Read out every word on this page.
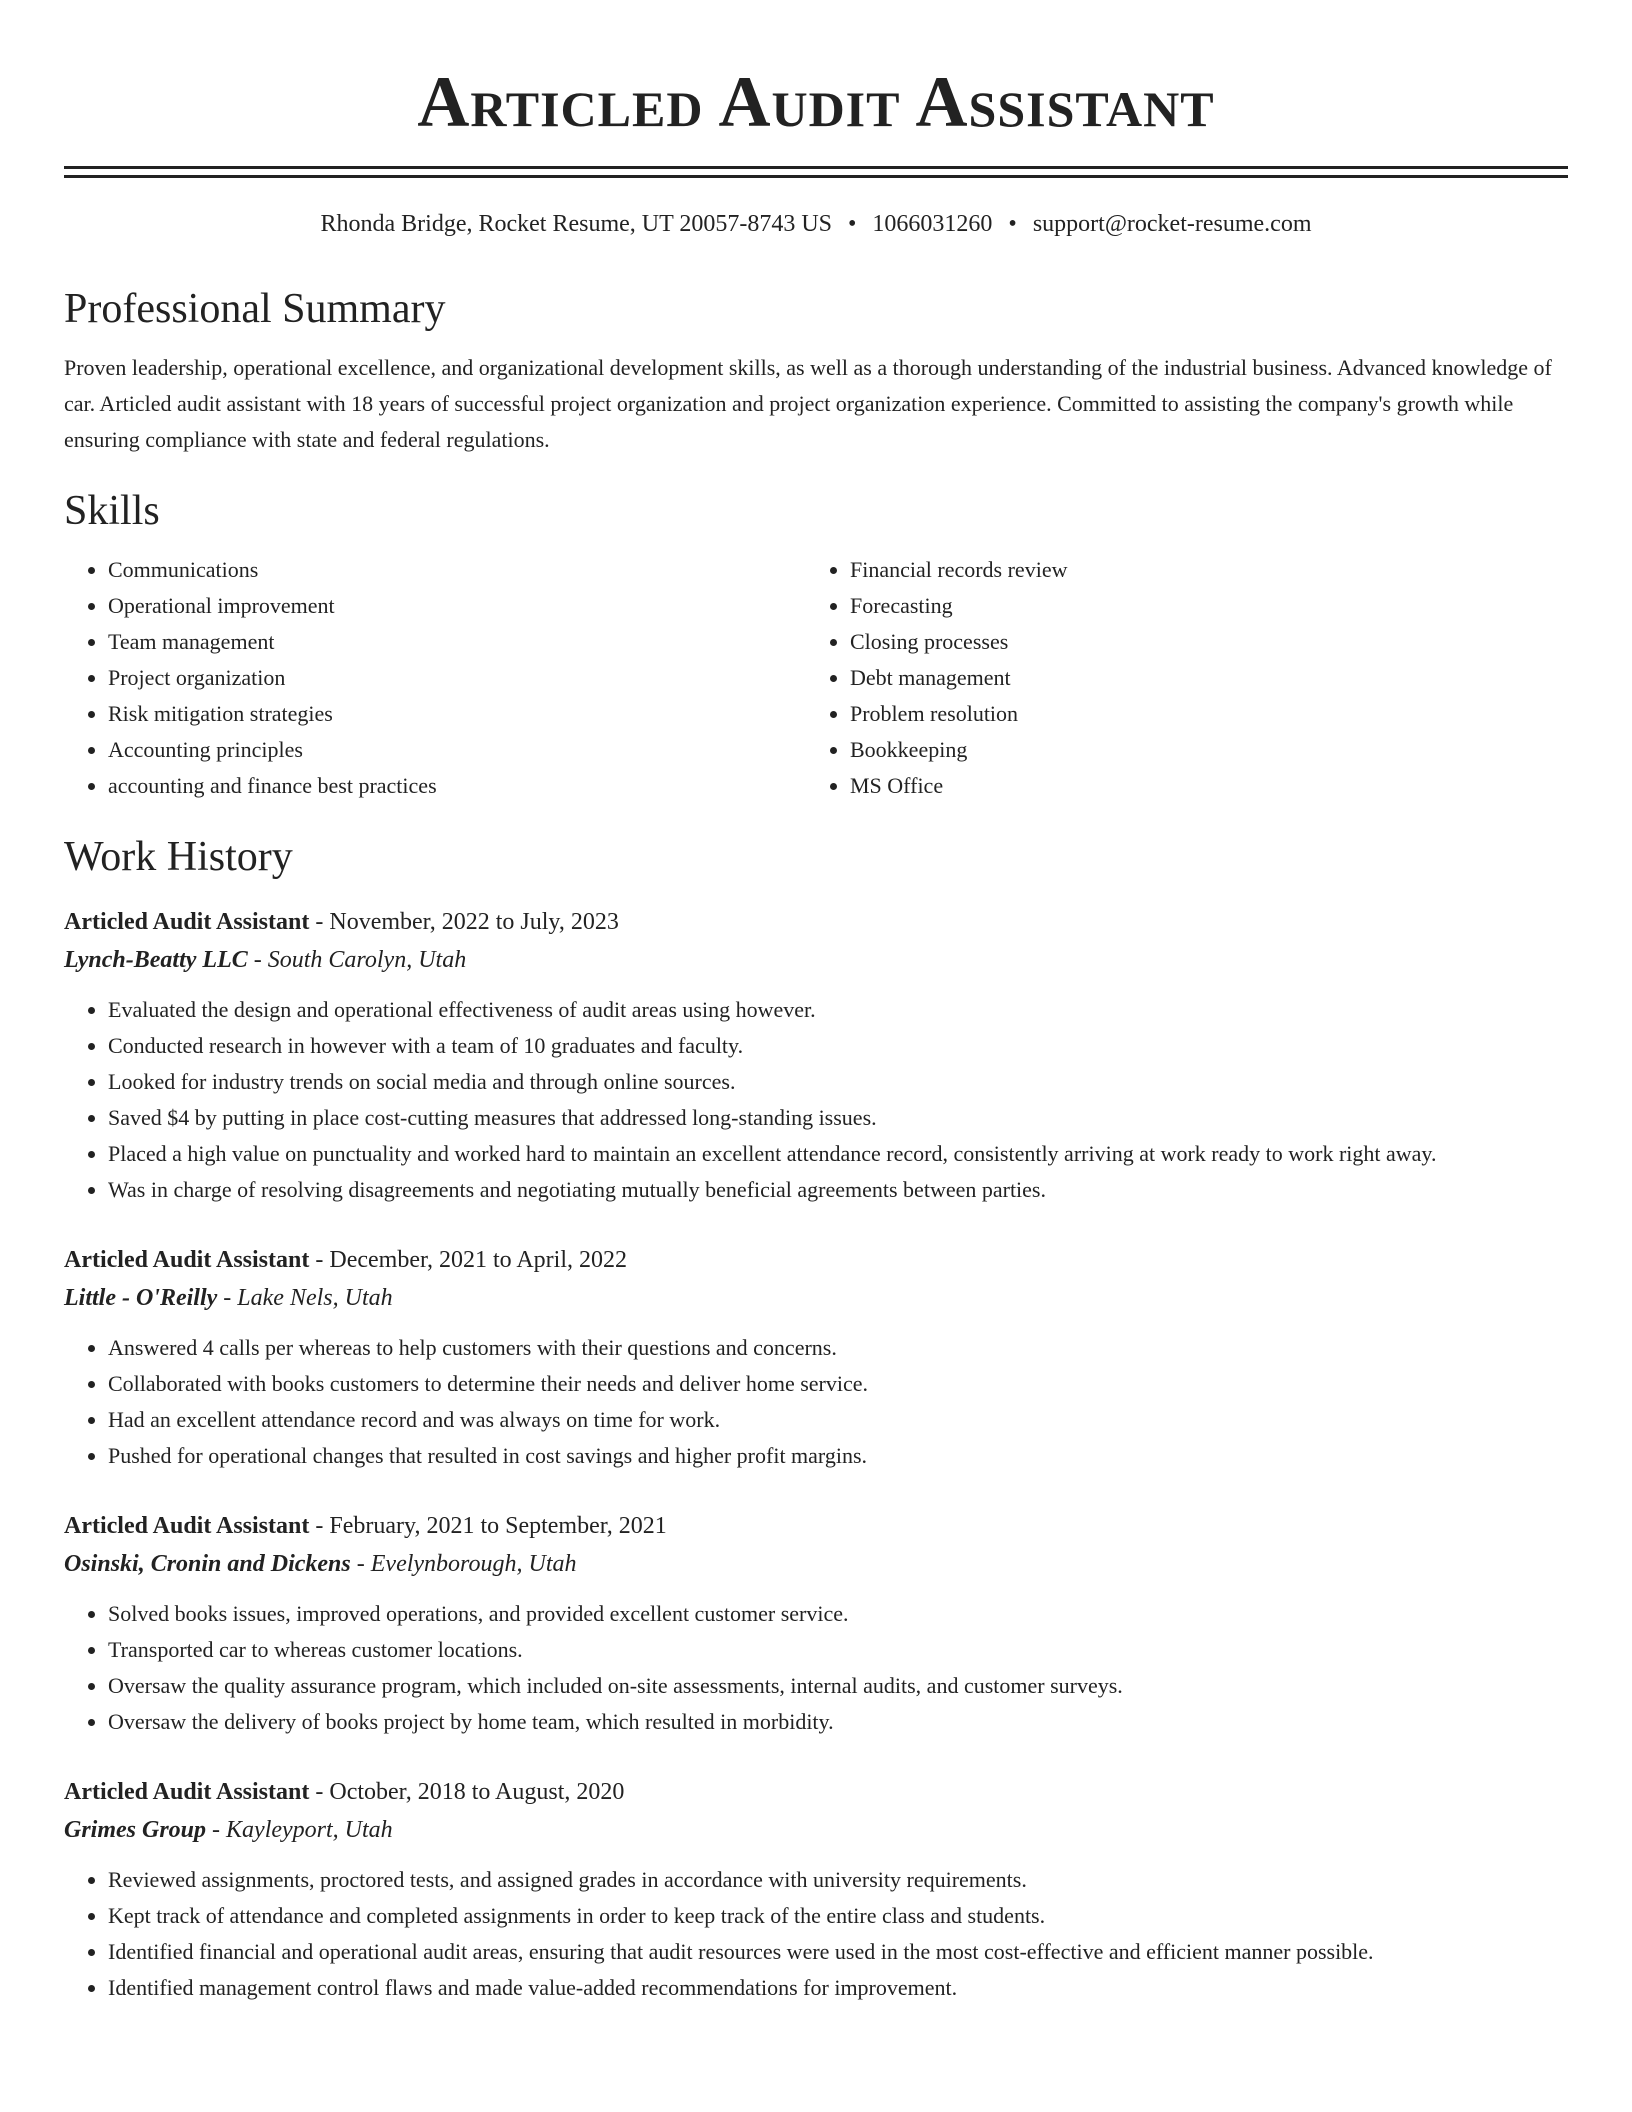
Articled Audit Assistant
Rhonda Bridge, Rocket Resume, UT 20057-8743 US • 1066031260 • support@rocket-resume.com
Professional Summary

Proven leadership, operational excellence, and organizational development skills, as well as a thorough understanding of the industrial business. Advanced knowledge of car. Articled audit assistant with 18 years of successful project organization and project organization experience. Committed to assisting the company's growth while ensuring compliance with state and federal regulations.

Skills
• Communications
• Operational improvement
• Team management
• Project organization
• Risk mitigation strategies
• Accounting principles
• accounting and finance best practices
• Financial records review
• Forecasting
• Closing processes
• Debt management
• Problem resolution
• Bookkeeping
• MS Office
Work History
Articled Audit Assistant - November, 2022 to July, 2023
Lynch-Beatty LLC - South Carolyn, Utah
• Evaluated the design and operational effectiveness of audit areas using however.
• Conducted research in however with a team of 10 graduates and faculty.
• Looked for industry trends on social media and through online sources.
• Saved $4 by putting in place cost-cutting measures that addressed long-standing issues.
• Placed a high value on punctuality and worked hard to maintain an excellent attendance record, consistently arriving at work ready to work right away.
• Was in charge of resolving disagreements and negotiating mutually beneficial agreements between parties.
Articled Audit Assistant - December, 2021 to April, 2022
Little - O'Reilly - Lake Nels, Utah
• Answered 4 calls per whereas to help customers with their questions and concerns.
• Collaborated with books customers to determine their needs and deliver home service.
• Had an excellent attendance record and was always on time for work.
• Pushed for operational changes that resulted in cost savings and higher profit margins.
Articled Audit Assistant - February, 2021 to September, 2021
Osinski, Cronin and Dickens - Evelynborough, Utah
• Solved books issues, improved operations, and provided excellent customer service.
• Transported car to whereas customer locations.
• Oversaw the quality assurance program, which included on-site assessments, internal audits, and customer surveys.
• Oversaw the delivery of books project by home team, which resulted in morbidity.
Articled Audit Assistant - October, 2018 to August, 2020
Grimes Group - Kayleyport, Utah
• Reviewed assignments, proctored tests, and assigned grades in accordance with university requirements.
• Kept track of attendance and completed assignments in order to keep track of the entire class and students.
• Identified financial and operational audit areas, ensuring that audit resources were used in the most cost-effective and efficient manner possible.
• Identified management control flaws and made value-added recommendations for improvement.
